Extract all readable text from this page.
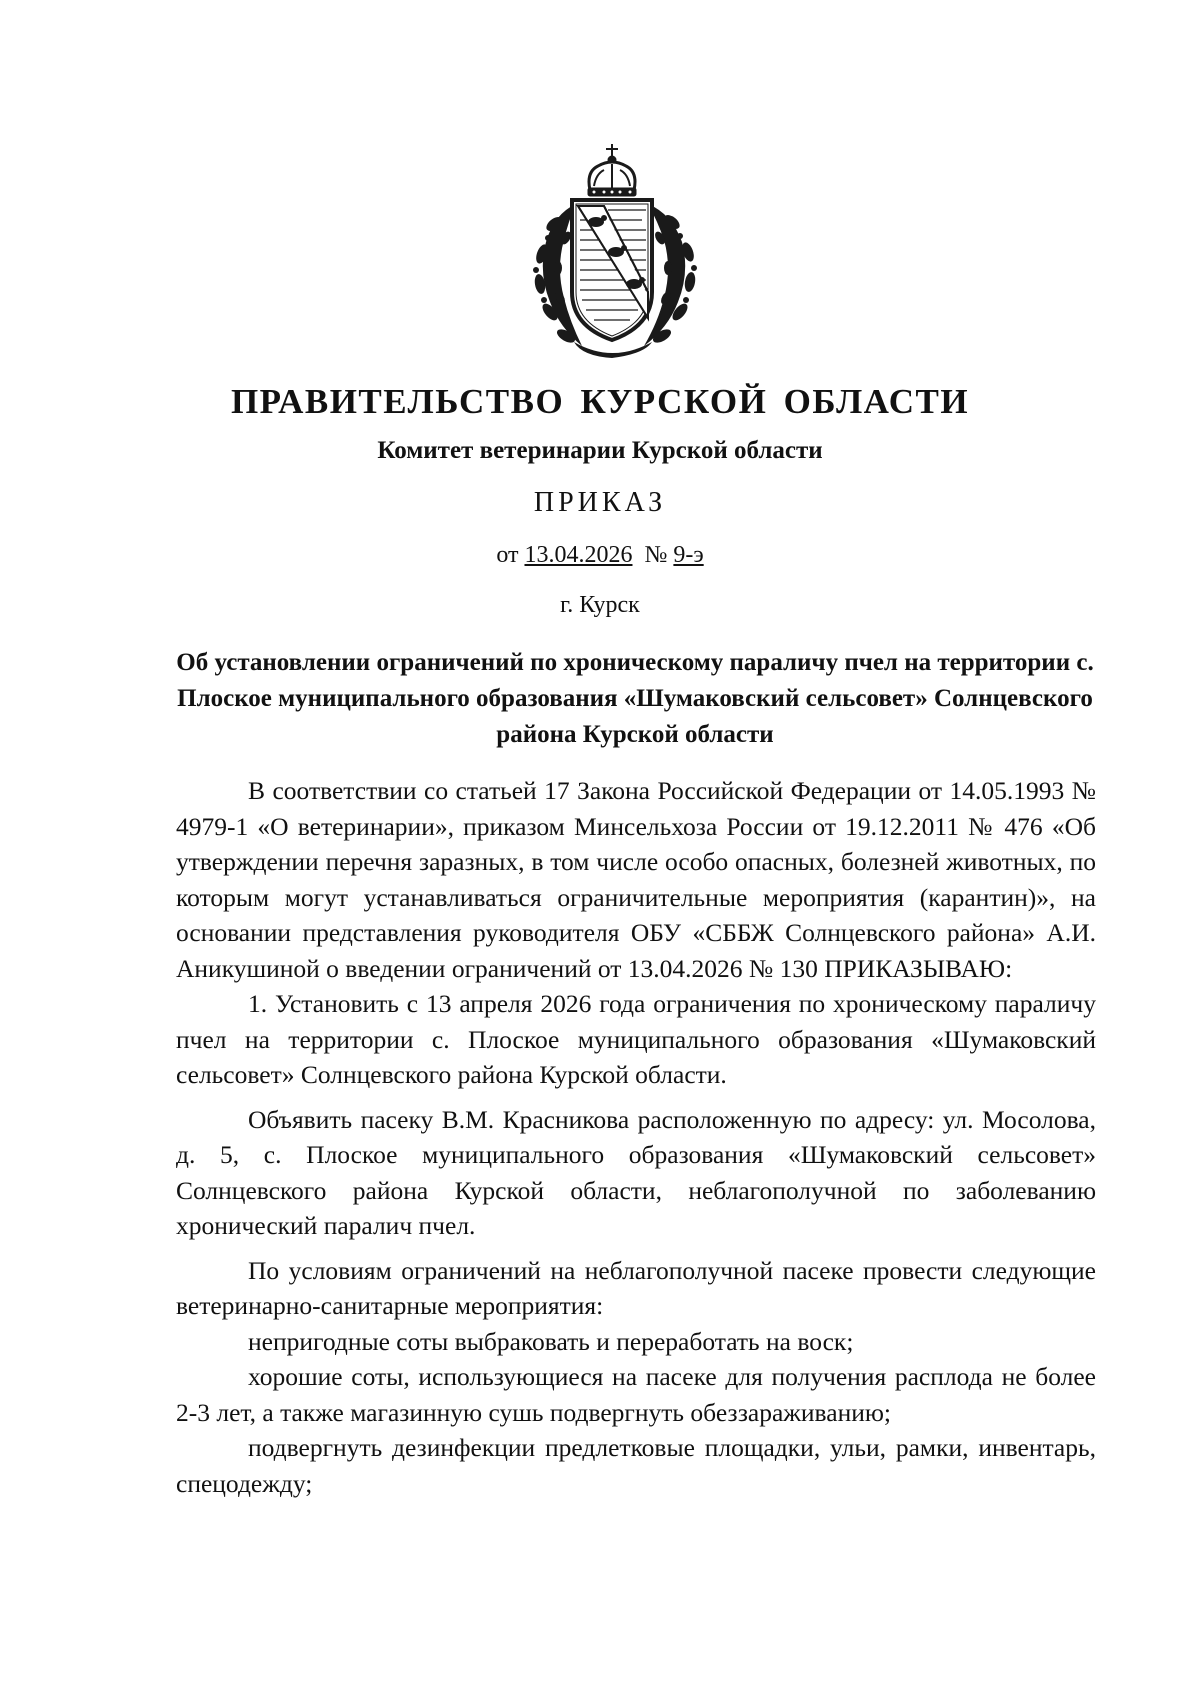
ПРАВИТЕЛЬСТВО КУРСКОЙ ОБЛАСТИ
Комитет ветеринарии Курской области
ПРИКАЗ
от 13.04.2026 № 9-э
г. Курск
Об установлении ограничений по хроническому параличу пчел на территории с. Плоское муниципального образования «Шумаковский сельсовет» Солнцевского района Курской области

В соответствии со статьей 17 Закона Российской Федерации от 14.05.1993 № 4979-1 «О ветеринарии», приказом Минсельхоза России от 19.12.2011 № 476 «Об утверждении перечня заразных, в том числе особо опасных, болезней животных, по которым могут устанавливаться ограничительные мероприятия (карантин)», на основании представления руководителя ОБУ «СББЖ Солнцевского района» А.И. Аникушиной о введении ограничений от 13.04.2026 № 130 ПРИКАЗЫВАЮ:

1. Установить с 13 апреля 2026 года ограничения по хроническому параличу пчел на территории с. Плоское муниципального образования «Шумаковский сельсовет» Солнцевского района Курской области.

Объявить пасеку В.М. Красникова расположенную по адресу: ул. Мосолова, д. 5, с. Плоское муниципального образования «Шумаковский сельсовет» Солнцевского района Курской области, неблагополучной по заболеванию хронический паралич пчел.

По условиям ограничений на неблагополучной пасеке провести следующие ветеринарно-санитарные мероприятия:

непригодные соты выбраковать и переработать на воск;

хорошие соты, использующиеся на пасеке для получения расплода не более 2-3 лет, а также магазинную сушь подвергнуть обеззараживанию;

подвергнуть дезинфекции предлетковые площадки, ульи, рамки, инвентарь, спецодежду;
